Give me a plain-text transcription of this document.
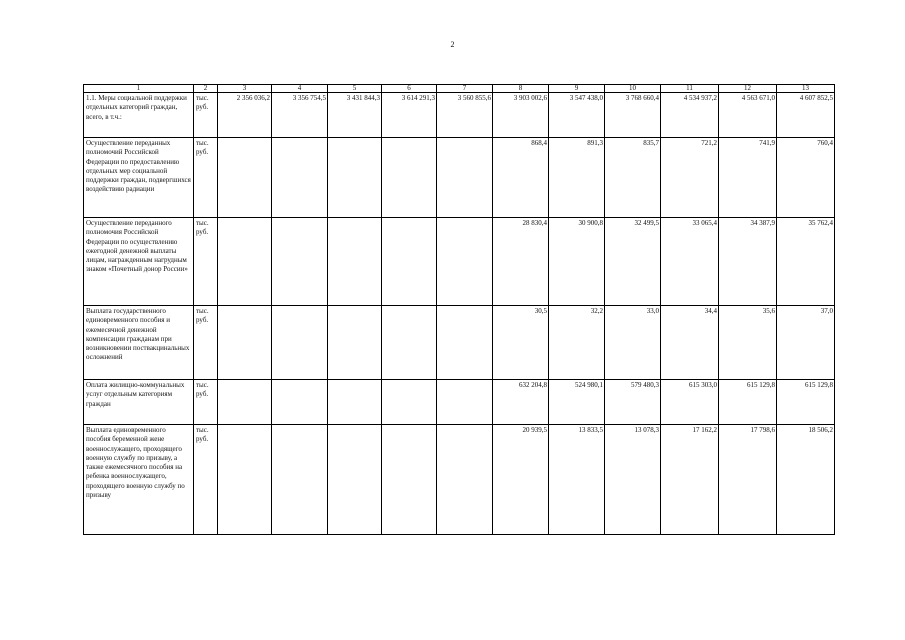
2
1	2	3	4	5	6	7	8	9	10	11	12	13
1.1. Меры социальной поддержки отдельных категорий граждан, всего, в т.ч.:	тыс. руб.	2 356 036,2	3 356 754,5	3 431 844,3	3 614 291,3	3 560 855,6	3 903 002,6	3 547 438,0	3 768 660,4	4 534 937,2	4 563 671,0	4 607 852,5
Осуществление переданных полномочий Российской Федерации по предоставлению отдельных мер социальной поддержки граждан, подвергшихся воздействию радиации	тыс. руб.						868,4	891,3	835,7	721,2	741,9	760,4
Осуществление переданного полномочия Российской Федерации по осуществлению ежегодной денежной выплаты лицам, награжденным нагрудным знаком «Почетный донор России»	тыс. руб.						28 830,4	30 900,8	32 499,5	33 065,4	34 387,9	35 762,4
Выплата государственного единовременного пособия и ежемесячной денежной компенсации гражданам при возникновении поствакцинальных осложнений	тыс. руб.						30,5	32,2	33,0	34,4	35,6	37,0
Оплата жилищно-коммунальных услуг отдельным категориям граждан	тыс. руб.						632 204,8	524 980,1	579 480,3	615 303,0	615 129,8	615 129,8
Выплата единовременного пособия беременной жене военнослужащего, проходящего военную службу по призыву, а также ежемесячного пособия на ребенка военнослужащего, проходящего военную службу по призыву	тыс. руб.						20 939,5	13 833,5	13 078,3	17 162,2	17 798,6	18 506,2
